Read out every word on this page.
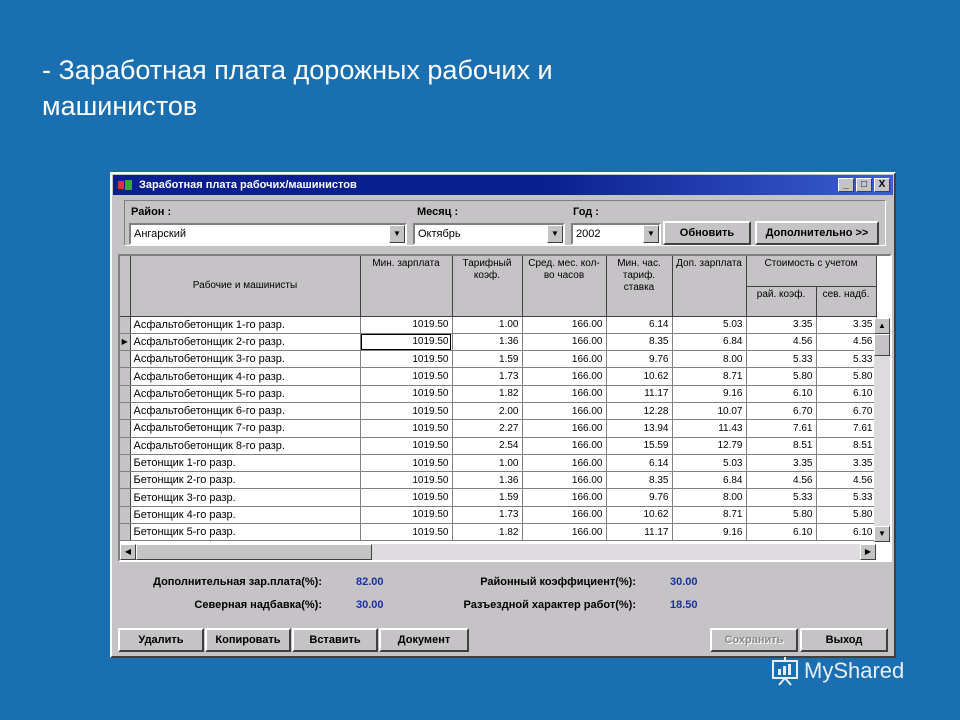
- Заработная плата дорожных рабочих и
машинистов
Заработная плата рабочих/машинистов	_	□	X
Район :
Ангарский	▼
Месяц :
Октябрь	▼
Год :
2002	▼	Обновить	Дополнительно >>
	Рабочие и машинисты	Мин. зарплата	Тарифный коэф.	Сред. мес. кол-во часов	Мин. час. тариф. ставка	Доп. зарплата	Стоимость с учетом	
							рай. коэф.	сев. надб.
	Асфальтобетонщик 1-го разр.	1019.50	1.00	166.00	6.14	5.03	3.35	3.35
▶	Асфальтобетонщик 2-го разр.	1019.50	1.36	166.00	8.35	6.84	4.56	4.56
	Асфальтобетонщик 3-го разр.	1019.50	1.59	166.00	9.76	8.00	5.33	5.33
	Асфальтобетонщик 4-го разр.	1019.50	1.73	166.00	10.62	8.71	5.80	5.80
	Асфальтобетонщик 5-го разр.	1019.50	1.82	166.00	11.17	9.16	6.10	6.10
	Асфальтобетонщик 6-го разр.	1019.50	2.00	166.00	12.28	10.07	6.70	6.70
	Асфальтобетонщик 7-го разр.	1019.50	2.27	166.00	13.94	11.43	7.61	7.61
	Асфальтобетонщик 8-го разр.	1019.50	2.54	166.00	15.59	12.79	8.51	8.51
	Бетонщик 1-го разр.	1019.50	1.00	166.00	6.14	5.03	3.35	3.35
	Бетонщик 2-го разр.	1019.50	1.36	166.00	8.35	6.84	4.56	4.56
	Бетонщик 3-го разр.	1019.50	1.59	166.00	9.76	8.00	5.33	5.33
	Бетонщик 4-го разр.	1019.50	1.73	166.00	10.62	8.71	5.80	5.80
	Бетонщик 5-го разр.	1019.50	1.82	166.00	11.17	9.16	6.10	6.10
▲
▼
◀	▶
Дополнительная зар.плата(%):	82.00
Северная надбавка(%):	30.00
Районный коэффициент(%):	30.00
Разъездной характер работ(%):	18.50
Удалить	Копировать	Вставить	Документ	Сохранить	Выход
MyShared
